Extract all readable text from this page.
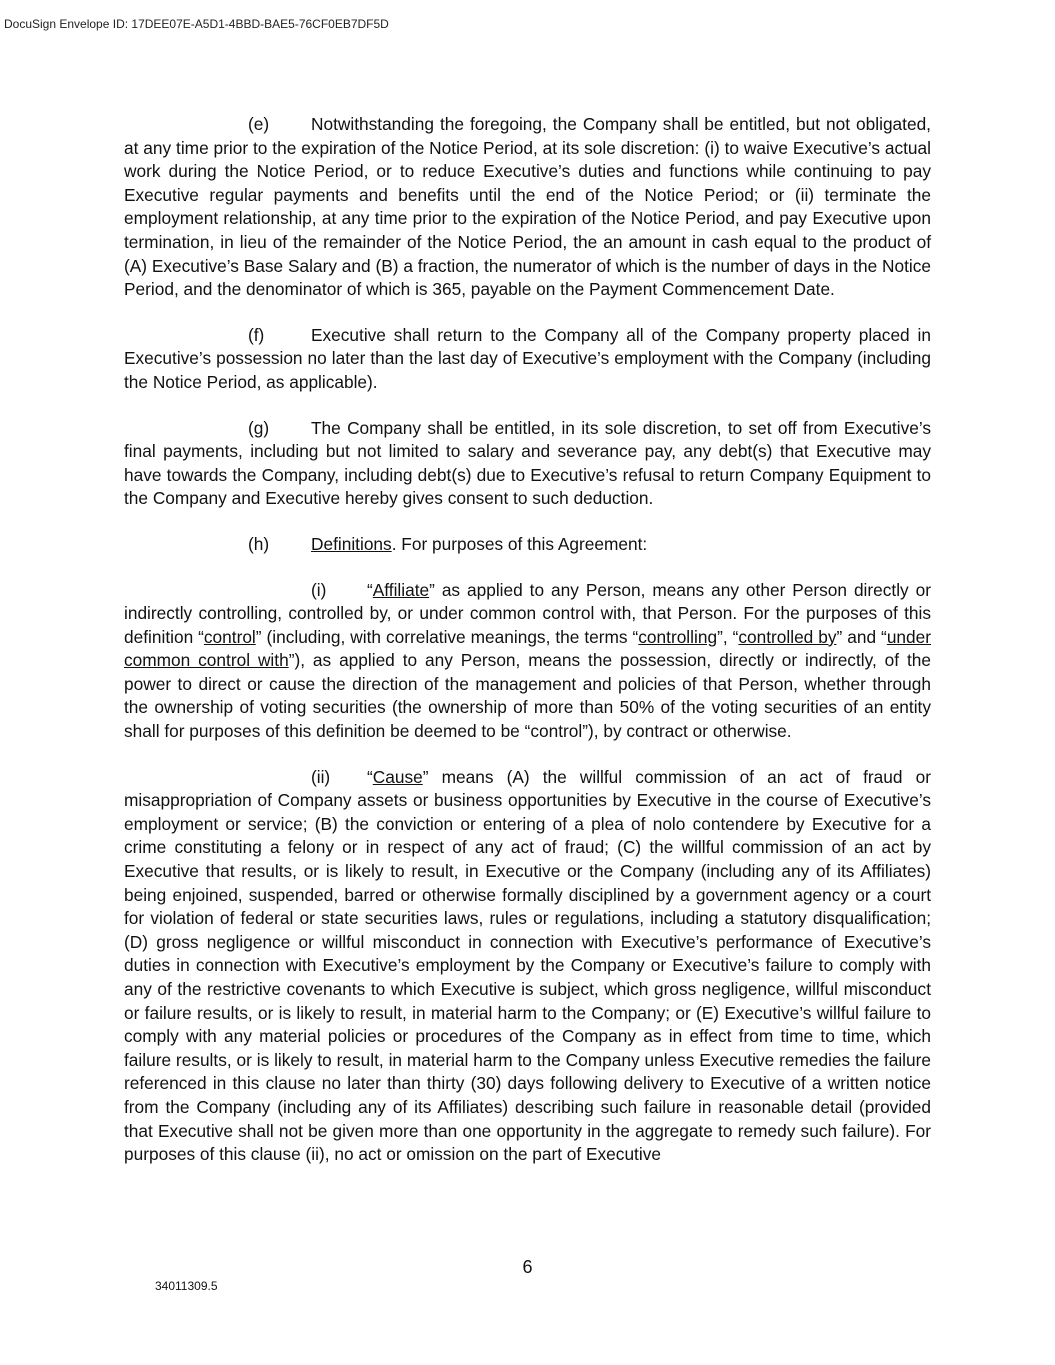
DocuSign Envelope ID: 17DEE07E-A5D1-4BBD-BAE5-76CF0EB7DF5D

(e) Notwithstanding the foregoing, the Company shall be entitled, but not obligated, at any time prior to the expiration of the Notice Period, at its sole discretion: (i) to waive Executive’s actual work during the Notice Period, or to reduce Executive’s duties and functions while continuing to pay Executive regular payments and benefits until the end of the Notice Period; or (ii) terminate the employment relationship, at any time prior to the expiration of the Notice Period, and pay Executive upon termination, in lieu of the remainder of the Notice Period, the an amount in cash equal to the product of (A) Executive’s Base Salary and (B) a fraction, the numerator of which is the number of days in the Notice Period, and the denominator of which is 365, payable on the Payment Commencement Date.

(f)	Executive shall return to the Company all of the Company property placed in Executive’s possession no later than the last day of Executive’s employment with the Company (including the Notice Period, as applicable).

(g) The Company shall be entitled, in its sole discretion, to set off from Executive’s final payments, including but not limited to salary and severance pay, any debt(s) that Executive may have towards the Company, including debt(s) due to Executive’s refusal to return Company Equipment to the Company and Executive hereby gives consent to such deduction.

(h) Definitions. For purposes of this Agreement:

(i) “Affiliate” as applied to any Person, means any other Person directly or indirectly controlling, controlled by, or under common control with, that Person. For the purposes of this definition “control” (including, with correlative meanings, the terms “controlling”, “controlled by” and “under common control with”), as applied to any Person, means the possession, directly or indirectly, of the power to direct or cause the direction of the management and policies of that Person, whether through the ownership of voting securities (the ownership of more than 50% of the voting securities of an entity shall for purposes of this definition be deemed to be “control”), by contract or otherwise.

(ii) “Cause” means (A) the willful commission of an act of fraud or misappropriation of Company assets or business opportunities by Executive in the course of Executive’s employment or service; (B) the conviction or entering of a plea of nolo contendere by Executive for a crime constituting a felony or in respect of any act of fraud; (C) the willful commission of an act by Executive that results, or is likely to result, in Executive or the Company (including any of its Affiliates) being enjoined, suspended, barred or otherwise formally disciplined by a government agency or a court for violation of federal or state securities laws, rules or regulations, including a statutory disqualification; (D) gross negligence or willful misconduct in connection with Executive’s performance of Executive’s duties in connection with Executive’s employment by the Company or Executive’s failure to comply with any of the restrictive covenants to which Executive is subject, which gross negligence, willful misconduct or failure results, or is likely to result, in material harm to the Company; or (E) Executive’s willful failure to comply with any material policies or procedures of the Company as in effect from time to time, which failure results, or is likely to result, in material harm to the Company unless Executive remedies the failure referenced in this clause no later than thirty (30) days following delivery to Executive of a written notice from the Company (including any of its Affiliates) describing such failure in reasonable detail (provided that Executive shall not be given more than one opportunity in the aggregate to remedy such failure). For purposes of this clause (ii), no act or omission on the part of Executive

6
34011309.5
